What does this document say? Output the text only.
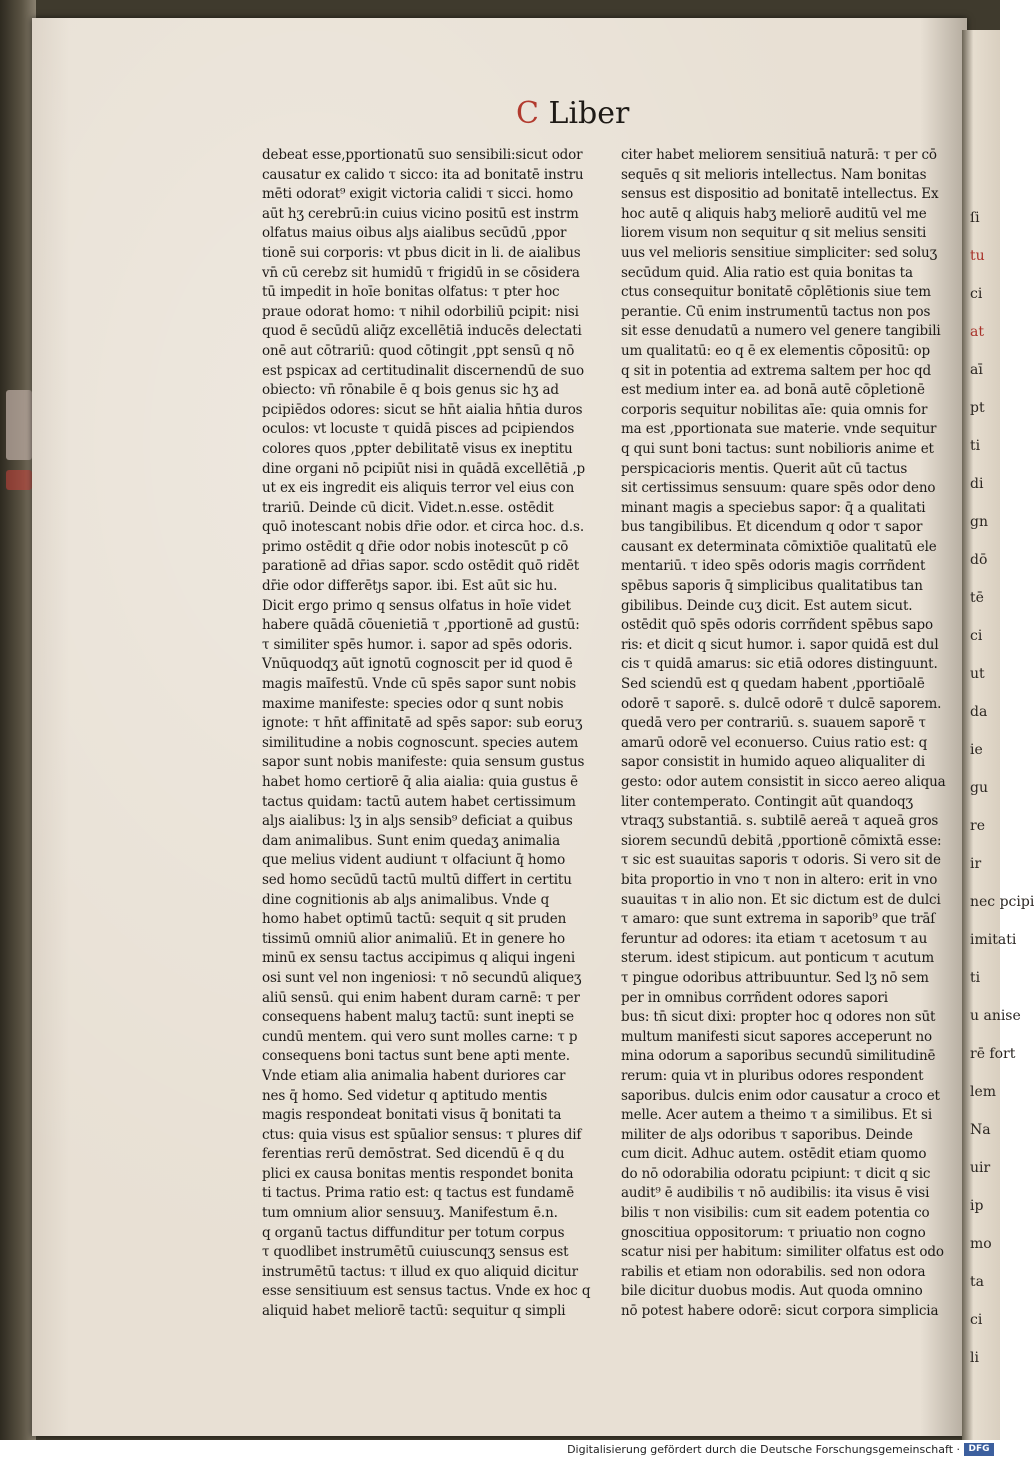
ſi
tu
ci
at
aī
pt
ti
di
gn
dō
tē
ci
ut
da
ie
gu
re
ir
nec pcipi
imitati
ti
u anise
rē fort
lem
Na
uir
ip
mo
ta
ci
li
C Liber
debeat esse,pportionatū suo sensibili:sicut odor
causatur ex calido τ sicco: ita ad bonitatē instru
mēti odorat⁹ exigit victoria calidi τ sicci. homo
aūt hʒ cerebrū:in cuius vicino positū est instrm
olfatus maius oibus alȷs aialibus secūdū ,ppor
tionē sui corporis: vt pbus dicit in li. de aialibus
vn̄ cū cerebz sit humidū τ frigidū in se cōsidera
tū impedit in hoīe bonitas olfatus: τ pter hoc
praue odorat homo: τ nihil odorbiliū pcipit: nisi
quod ē secūdū aliq̄z excellētiā inducēs delectati
onē aut cōtrariū: quod cōtingit ,ppt sensū q nō
est pspicax ad certitudinalit discernendū de suo
obiecto: vn̄ rōnabile ē q bois genus sic hʒ ad
pcipiēdos odores: sicut se hn̄t aialia hn̄tia duros
oculos: vt locuste τ quidā pisces ad pcipiendos
colores quos ,ppter debilitatē visus ex ineptitu
dine organi nō pcipiūt nisi in quādā excellētiā ,p
ut ex eis ingredit eis aliquis terror vel eius con
trariū. Deinde cū dicit. Videt.n.esse. ostēdit
quō inotescant nobis dr̄ie odor. et circa hoc. d.s.
primo ostēdit q dr̄ie odor nobis inotescūt p cō
parationē ad dr̄ias sapor. scdo ostēdit quō ridēt
dr̄ie odor differētȷs sapor. ibi. Est aūt sic hu.
Dicit ergo primo q sensus olfatus in hoīe videt
habere quādā cōuenietiā τ ,pportionē ad gustū:
τ similiter spēs humor. i. sapor ad spēs odoris.
Vnūquodqʒ aūt ignotū cognoscit per id quod ē
magis maīfestū. Vnde cū spēs sapor sunt nobis
maxime manifeste: species odor q sunt nobis
ignote: τ hn̄t affinitatē ad spēs sapor: sub eoruʒ
similitudine a nobis cognoscunt. species autem
sapor sunt nobis manifeste: quia sensum gustus
habet homo certiorē q̄ alia aialia: quia gustus ē
tactus quidam: tactū autem habet certissimum
alȷs aialibus: lʒ in alȷs sensib⁹ deficiat a quibus
dam animalibus. Sunt enim quedaʒ animalia
que melius vident audiunt τ olfaciunt q̄ homo
sed homo secūdū tactū multū differt in certitu
dine cognitionis ab alȷs animalibus. Vnde q
homo habet optimū tactū: sequit q sit pruden
tissimū omniū alior animaliū. Et in genere ho
minū ex sensu tactus accipimus q aliqui ingeni
osi sunt vel non ingeniosi: τ nō secundū aliqueʒ
aliū sensū. qui enim habent duram carnē: τ per
consequens habent maluʒ tactū: sunt inepti se
cundū mentem. qui vero sunt molles carne: τ p
consequens boni tactus sunt bene apti mente.
Vnde etiam alia animalia habent duriores car
nes q̄ homo. Sed videtur q aptitudo mentis
magis respondeat bonitati visus q̄ bonitati ta
ctus: quia visus est spūalior sensus: τ plures dif
ferentias rerū demōstrat. Sed dicendū ē q du
plici ex causa bonitas mentis respondet bonita
ti tactus. Prima ratio est: q tactus est fundamē
tum omnium alior sensuuʒ. Manifestum ē.n.
q organū tactus diffunditur per totum corpus
τ quodlibet instrumētū cuiuscunqʒ sensus est
instrumētū tactus: τ illud ex quo aliquid dicitur
esse sensitiuum est sensus tactus. Vnde ex hoc q
aliquid habet meliorē tactū: sequitur q simpli
citer habet meliorem sensitiuā naturā: τ per cō
sequēs q sit melioris intellectus. Nam bonitas
sensus est dispositio ad bonitatē intellectus. Ex
hoc autē q aliquis habʒ meliorē auditū vel me
liorem visum non sequitur q sit melius sensiti
uus vel melioris sensitiue simpliciter: sed soluʒ
secūdum quid. Alia ratio est quia bonitas ta
ctus consequitur bonitatē cōplētionis siue tem
perantie. Cū enim instrumentū tactus non pos
sit esse denudatū a numero vel genere tangibili
um qualitatū: eo q ē ex elementis cōpositū: op
q sit in potentia ad extrema saltem per hoc qd
est medium inter ea. ad bonā autē cōpletionē
corporis sequitur nobilitas aīe: quia omnis for
ma est ,pportionata sue materie. vnde sequitur
q qui sunt boni tactus: sunt nobilioris anime et
perspicacioris mentis. Querit aūt cū tactus
sit certissimus sensuum: quare spēs odor deno
minant magis a speciebus sapor: q̄ a qualitati
bus tangibilibus. Et dicendum q odor τ sapor
causant ex determinata cōmixtiōe qualitatū ele
mentariū. τ ideo spēs odoris magis corrñdent
spēbus saporis q̄ simplicibus qualitatibus tan
gibilibus. Deinde cuʒ dicit. Est autem sicut.
ostēdit quō spēs odoris corrñdent spēbus sapo
ris: et dicit q sicut humor. i. sapor quidā est dul
cis τ quidā amarus: sic etiā odores distinguunt.
Sed sciendū est q quedam habent ,pportiōalē
odorē τ saporē. s. dulcē odorē τ dulcē saporem.
quedā vero per contrariū. s. suauem saporē τ
amarū odorē vel econuerso. Cuius ratio est: q
sapor consistit in humido aqueo aliqualiter di
gesto: odor autem consistit in sicco aereo aliqua
liter contemperato. Contingit aūt quandoqʒ
vtraqʒ substantiā. s. subtilē aereā τ aqueā gros
siorem secundū debitā ,pportionē cōmixtā esse:
τ sic est suauitas saporis τ odoris. Si vero sit de
bita proportio in vno τ non in altero: erit in vno
suauitas τ in alio non. Et sic dictum est de dulci
τ amaro: que sunt extrema in saporib⁹ que trāſ
feruntur ad odores: ita etiam τ acetosum τ au
sterum. idest stipicum. aut ponticum τ acutum
τ pingue odoribus attribuuntur. Sed lʒ nō sem
per in omnibus corrñdent odores sapori
bus: tn̄ sicut dixi: propter hoc q odores non sūt
multum manifesti sicut sapores acceperunt no
mina odorum a saporibus secundū similitudinē
rerum: quia vt in pluribus odores respondent
saporibus. dulcis enim odor causatur a croco et
melle. Acer autem a theimo τ a similibus. Et si
militer de alȷs odoribus τ saporibus. Deinde
cum dicit. Adhuc autem. ostēdit etiam quomo
do nō odorabilia odoratu pcipiunt: τ dicit q sic
audit⁹ ē audibilis τ nō audibilis: ita visus ē visi
bilis τ non visibilis: cum sit eadem potentia co
gnoscitiua oppositorum: τ priuatio non cogno
scatur nisi per habitum: similiter olfatus est odo
rabilis et etiam non odorabilis. sed non odora
bile dicitur duobus modis. Aut quoda omnino
nō potest habere odorē: sicut corpora simplicia
Digitalisierung gefördert durch die Deutsche Forschungsgemeinschaft · DFG
